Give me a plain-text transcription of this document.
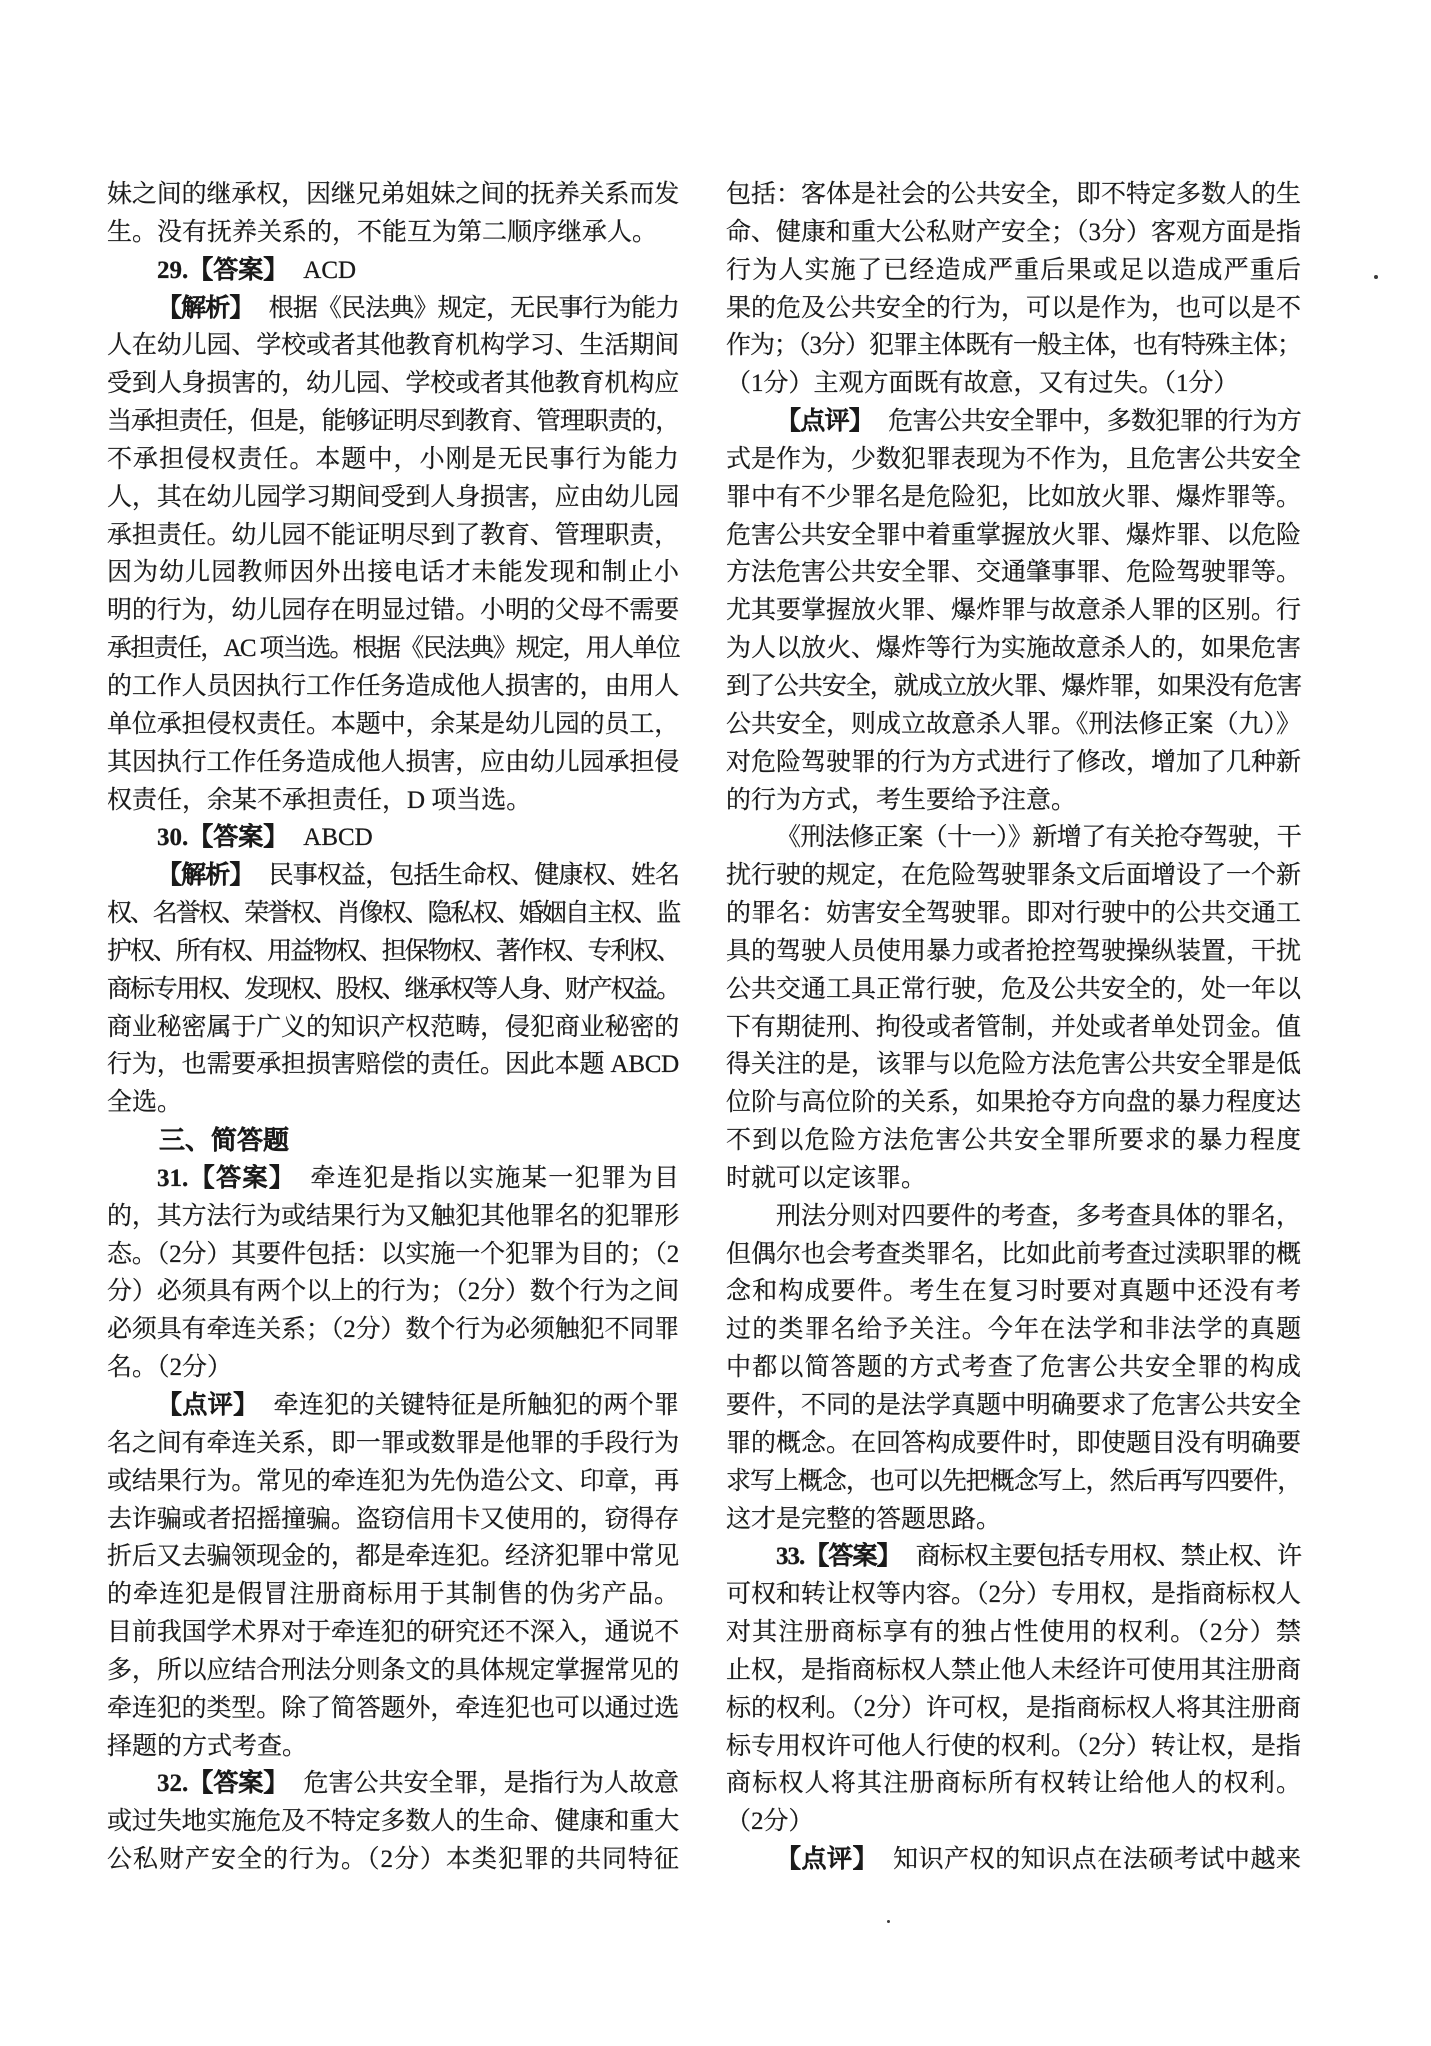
妹之间的继承权，因继兄弟姐妹之间的抚养关系而发
生。没有抚养关系的，不能互为第二顺序继承人。
29.【答案】 ACD
【解析】 根据《民法典》规定，无民事行为能力
人在幼儿园、学校或者其他教育机构学习、生活期间
受到人身损害的，幼儿园、学校或者其他教育机构应
当承担责任，但是，能够证明尽到教育、管理职责的，
不承担侵权责任。本题中，小刚是无民事行为能力
人，其在幼儿园学习期间受到人身损害，应由幼儿园
承担责任。幼儿园不能证明尽到了教育、管理职责，
因为幼儿园教师因外出接电话才未能发现和制止小
明的行为，幼儿园存在明显过错。小明的父母不需要
承担责任，AC 项当选。根据《民法典》规定，用人单位
的工作人员因执行工作任务造成他人损害的，由用人
单位承担侵权责任。本题中，余某是幼儿园的员工，
其因执行工作任务造成他人损害，应由幼儿园承担侵
权责任，余某不承担责任，D 项当选。
30.【答案】 ABCD
【解析】 民事权益，包括生命权、健康权、姓名
权、名誉权、荣誉权、肖像权、隐私权、婚姻自主权、监
护权、所有权、用益物权、担保物权、著作权、专利权、
商标专用权、发现权、股权、继承权等人身、财产权益。
商业秘密属于广义的知识产权范畴，侵犯商业秘密的
行为，也需要承担损害赔偿的责任。因此本题 ABCD
全选。
三、简答题
31.【答案】 牵连犯是指以实施某一犯罪为目
的，其方法行为或结果行为又触犯其他罪名的犯罪形
态。（2分）其要件包括：以实施一个犯罪为目的；（2
分）必须具有两个以上的行为；（2分）数个行为之间
必须具有牵连关系；（2分）数个行为必须触犯不同罪
名。（2分）
【点评】 牵连犯的关键特征是所触犯的两个罪
名之间有牵连关系，即一罪或数罪是他罪的手段行为
或结果行为。常见的牵连犯为先伪造公文、印章，再
去诈骗或者招摇撞骗。盗窃信用卡又使用的，窃得存
折后又去骗领现金的，都是牵连犯。经济犯罪中常见
的牵连犯是假冒注册商标用于其制售的伪劣产品。
目前我国学术界对于牵连犯的研究还不深入，通说不
多，所以应结合刑法分则条文的具体规定掌握常见的
牵连犯的类型。除了简答题外，牵连犯也可以通过选
择题的方式考查。
32.【答案】 危害公共安全罪，是指行为人故意
或过失地实施危及不特定多数人的生命、健康和重大
公私财产安全的行为。（2分）本类犯罪的共同特征
包括：客体是社会的公共安全，即不特定多数人的生
命、健康和重大公私财产安全；（3分）客观方面是指
行为人实施了已经造成严重后果或足以造成严重后
果的危及公共安全的行为，可以是作为，也可以是不
作为；（3分）犯罪主体既有一般主体，也有特殊主体；
（1分）主观方面既有故意，又有过失。（1分）
【点评】 危害公共安全罪中，多数犯罪的行为方
式是作为，少数犯罪表现为不作为，且危害公共安全
罪中有不少罪名是危险犯，比如放火罪、爆炸罪等。
危害公共安全罪中着重掌握放火罪、爆炸罪、以危险
方法危害公共安全罪、交通肇事罪、危险驾驶罪等。
尤其要掌握放火罪、爆炸罪与故意杀人罪的区别。行
为人以放火、爆炸等行为实施故意杀人的，如果危害
到了公共安全，就成立放火罪、爆炸罪，如果没有危害
公共安全，则成立故意杀人罪。《刑法修正案（九）》
对危险驾驶罪的行为方式进行了修改，增加了几种新
的行为方式，考生要给予注意。
《刑法修正案（十一）》新增了有关抢夺驾驶，干
扰行驶的规定，在危险驾驶罪条文后面增设了一个新
的罪名：妨害安全驾驶罪。即对行驶中的公共交通工
具的驾驶人员使用暴力或者抢控驾驶操纵装置，干扰
公共交通工具正常行驶，危及公共安全的，处一年以
下有期徒刑、拘役或者管制，并处或者单处罚金。值
得关注的是，该罪与以危险方法危害公共安全罪是低
位阶与高位阶的关系，如果抢夺方向盘的暴力程度达
不到以危险方法危害公共安全罪所要求的暴力程度
时就可以定该罪。
刑法分则对四要件的考查，多考查具体的罪名，
但偶尔也会考查类罪名，比如此前考查过渎职罪的概
念和构成要件。考生在复习时要对真题中还没有考
过的类罪名给予关注。今年在法学和非法学的真题
中都以简答题的方式考查了危害公共安全罪的构成
要件，不同的是法学真题中明确要求了危害公共安全
罪的概念。在回答构成要件时，即使题目没有明确要
求写上概念，也可以先把概念写上，然后再写四要件，
这才是完整的答题思路。
33.【答案】 商标权主要包括专用权、禁止权、许
可权和转让权等内容。（2分）专用权，是指商标权人
对其注册商标享有的独占性使用的权利。（2分）禁
止权，是指商标权人禁止他人未经许可使用其注册商
标的权利。（2分）许可权，是指商标权人将其注册商
标专用权许可他人行使的权利。（2分）转让权，是指
商标权人将其注册商标所有权转让给他人的权利。
（2分）
【点评】 知识产权的知识点在法硕考试中越来
